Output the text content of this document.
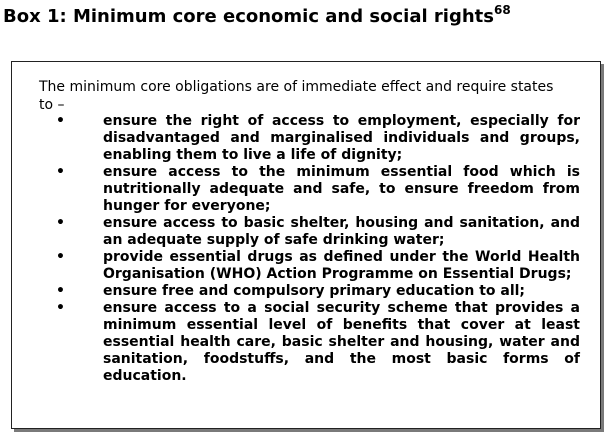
Box 1: Minimum core economic and social rights$^{68}$
The minimum core obligations are of immediate effect and require states to –
•	ensure the right of access to employment, especially for disadvantaged and marginalised individuals and groups, enabling them to live a life of dignity;
•	ensure access to the minimum essential food which is nutritionally adequate and safe, to ensure freedom from hunger for everyone;
•	ensure access to basic shelter, housing and sanitation, and an adequate supply of safe drinking water;
•	provide essential drugs as defined under the World Health Organisation (WHO) Action Programme on Essential Drugs;
•	ensure free and compulsory primary education to all;
•	ensure access to a social security scheme that provides a minimum essential level of benefits that cover at least essential health care, basic shelter and housing, water and sanitation, foodstuffs, and the most basic forms of education.
